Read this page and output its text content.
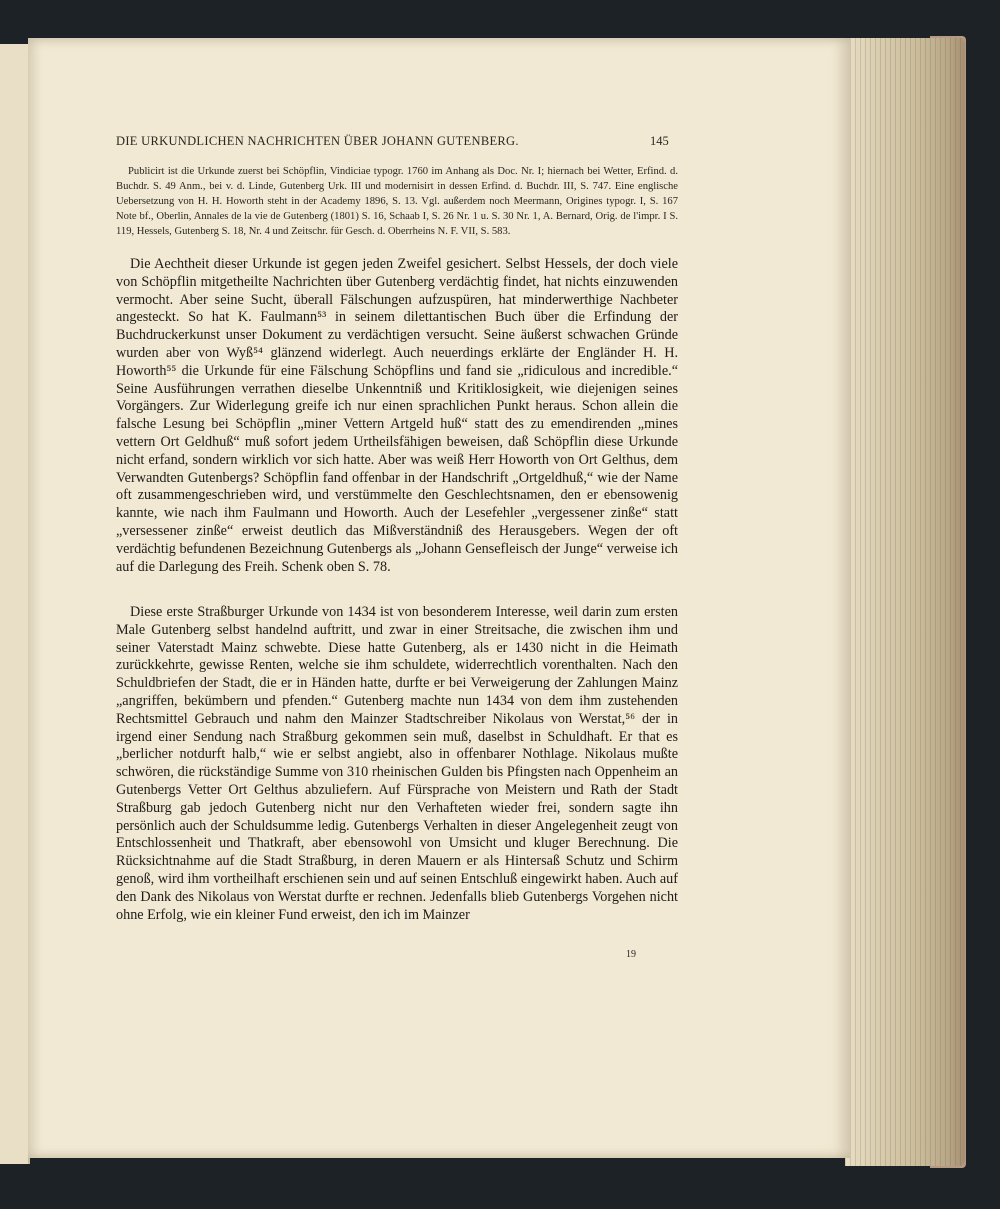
DIE URKUNDLICHEN NACHRICHTEN ÜBER JOHANN GUTENBERG.	145

Publicirt ist die Urkunde zuerst bei Schöpflin, Vindiciae typogr. 1760 im Anhang als Doc. Nr. I; hiernach bei Wetter, Erfind. d. Buchdr. S. 49 Anm., bei v. d. Linde, Gutenberg Urk. III und modernisirt in dessen Erfind. d. Buchdr. III, S. 747. Eine englische Uebersetzung von H. H. Howorth steht in der Academy 1896, S. 13. Vgl. außerdem noch Meermann, Origines typogr. I, S. 167 Note bf., Oberlin, Annales de la vie de Gutenberg (1801) S. 16, Schaab I, S. 26 Nr. 1 u. S. 30 Nr. 1, A. Bernard, Orig. de l'impr. I S. 119, Hessels, Gutenberg S. 18, Nr. 4 und Zeitschr. für Gesch. d. Oberrheins N. F. VII, S. 583.

Die Aechtheit dieser Urkunde ist gegen jeden Zweifel gesichert. Selbst Hessels, der doch viele von Schöpflin mitgetheilte Nachrichten über Gutenberg verdächtig findet, hat nichts einzuwenden vermocht. Aber seine Sucht, überall Fälschungen aufzuspüren, hat minderwerthige Nachbeter angesteckt. So hat K. Faulmann⁵³ in seinem dilettantischen Buch über die Erfindung der Buchdruckerkunst unser Dokument zu verdächtigen versucht. Seine äußerst schwachen Gründe wurden aber von Wyß⁵⁴ glänzend widerlegt. Auch neuerdings erklärte der Engländer H. H. Howorth⁵⁵ die Urkunde für eine Fälschung Schöpflins und fand sie „ridiculous and incredible.“ Seine Ausführungen verrathen dieselbe Unkenntniß und Kritiklosigkeit, wie diejenigen seines Vorgängers. Zur Widerlegung greife ich nur einen sprachlichen Punkt heraus. Schon allein die falsche Lesung bei Schöpflin „miner Vettern Artgeld huß“ statt des zu emendirenden „mines vettern Ort Geldhuß“ muß sofort jedem Urtheilsfähigen beweisen, daß Schöpflin diese Urkunde nicht erfand, sondern wirklich vor sich hatte. Aber was weiß Herr Howorth von Ort Gelthus, dem Verwandten Gutenbergs? Schöpflin fand offenbar in der Handschrift „Ortgeldhuß,“ wie der Name oft zusammengeschrieben wird, und verstümmelte den Geschlechtsnamen, den er ebensowenig kannte, wie nach ihm Faulmann und Howorth. Auch der Lesefehler „vergessener zinße“ statt „versessener zinße“ erweist deutlich das Mißverständniß des Herausgebers. Wegen der oft verdächtig befundenen Bezeichnung Gutenbergs als „Johann Gensefleisch der Junge“ verweise ich auf die Darlegung des Freih. Schenk oben S. 78.

Diese erste Straßburger Urkunde von 1434 ist von besonderem Interesse, weil darin zum ersten Male Gutenberg selbst handelnd auftritt, und zwar in einer Streitsache, die zwischen ihm und seiner Vaterstadt Mainz schwebte. Diese hatte Gutenberg, als er 1430 nicht in die Heimath zurückkehrte, gewisse Renten, welche sie ihm schuldete, widerrechtlich vorenthalten. Nach den Schuldbriefen der Stadt, die er in Händen hatte, durfte er bei Verweigerung der Zahlungen Mainz „angriffen, bekümbern und pfenden.“ Gutenberg machte nun 1434 von dem ihm zustehenden Rechtsmittel Gebrauch und nahm den Mainzer Stadtschreiber Nikolaus von Werstat,⁵⁶ der in irgend einer Sendung nach Straßburg gekommen sein muß, daselbst in Schuldhaft. Er that es „berlicher notdurft halb,“ wie er selbst angiebt, also in offenbarer Nothlage. Nikolaus mußte schwören, die rückständige Summe von 310 rheinischen Gulden bis Pfingsten nach Oppenheim an Gutenbergs Vetter Ort Gelthus abzuliefern. Auf Fürsprache von Meistern und Rath der Stadt Straßburg gab jedoch Gutenberg nicht nur den Verhafteten wieder frei, sondern sagte ihn persönlich auch der Schuldsumme ledig. Gutenbergs Verhalten in dieser Angelegenheit zeugt von Entschlossenheit und Thatkraft, aber ebensowohl von Umsicht und kluger Berechnung. Die Rücksichtnahme auf die Stadt Straßburg, in deren Mauern er als Hintersaß Schutz und Schirm genoß, wird ihm vortheilhaft erschienen sein und auf seinen Entschluß eingewirkt haben. Auch auf den Dank des Nikolaus von Werstat durfte er rechnen. Jedenfalls blieb Gutenbergs Vorgehen nicht ohne Erfolg, wie ein kleiner Fund erweist, den ich im Mainzer

19
